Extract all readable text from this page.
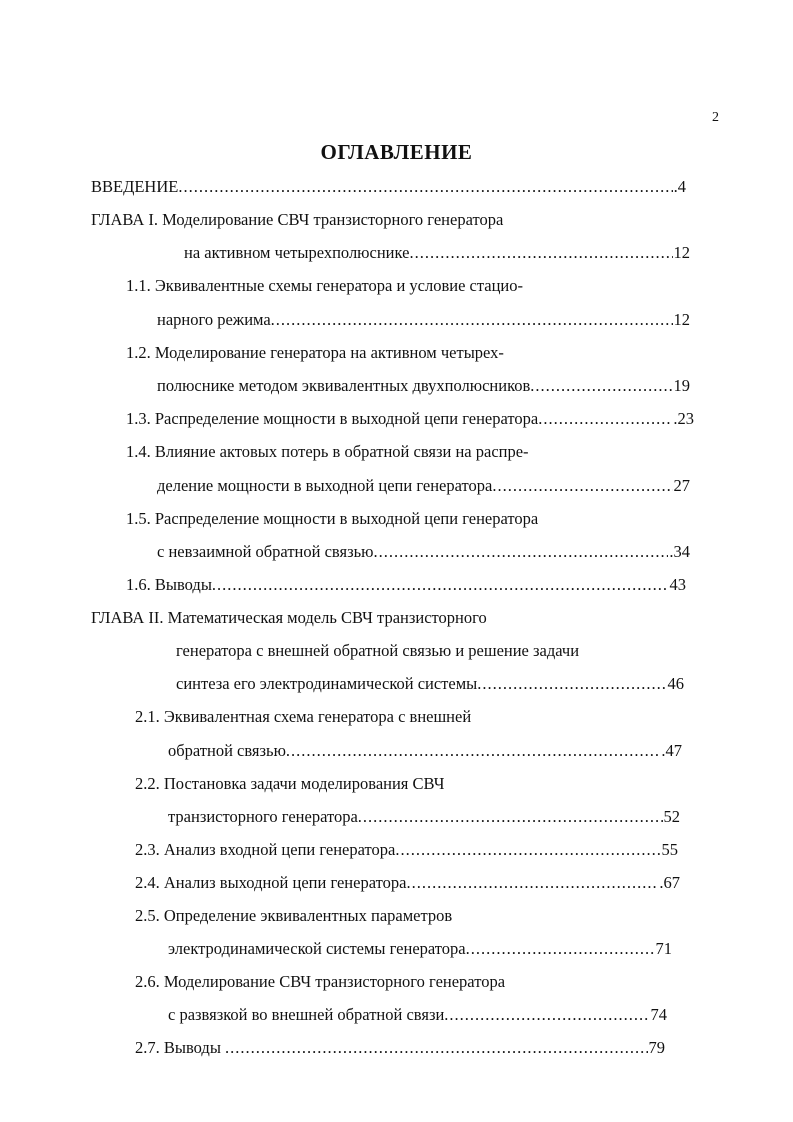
2
ОГЛАВЛЕНИЕ
ВВЕДЕНИЕ .....	.4
ГЛАВА I. Моделирование СВЧ транзисторного генератора
на активном четырехполюснике .....	12
1.1. Эквивалентные схемы генератора и условие стацио-
нарного режима .....	12
1.2. Моделирование генератора на активном четырех-
полюснике методом эквивалентных двухполюсников .....	19
1.3. Распределение мощности в выходной цепи генератора .....	.23
1.4. Влияние актовых потерь в обратной связи на распре-
деление мощности в выходной цепи генератора .....	27
1.5. Распределение мощности в выходной цепи генератора
с невзаимной обратной связью .....	.34
1.6. Выводы .....	43
ГЛАВА II. Математическая модель СВЧ транзисторного
генератора с внешней обратной связью и решение задачи
синтеза его электродинамической системы .....	46
2.1. Эквивалентная схема генератора с внешней
обратной связью .....	.47
2.2. Постановка задачи моделирования СВЧ
транзисторного генератора .....	52
2.3. Анализ входной цепи генератора .....	55
2.4. Анализ выходной цепи генератора .....	.67
2.5. Определение эквивалентных параметров
электродинамической системы генератора .....	71
2.6. Моделирование СВЧ транзисторного генератора
с развязкой во внешней обратной связи .....	74
2.7. Выводы .....	79
